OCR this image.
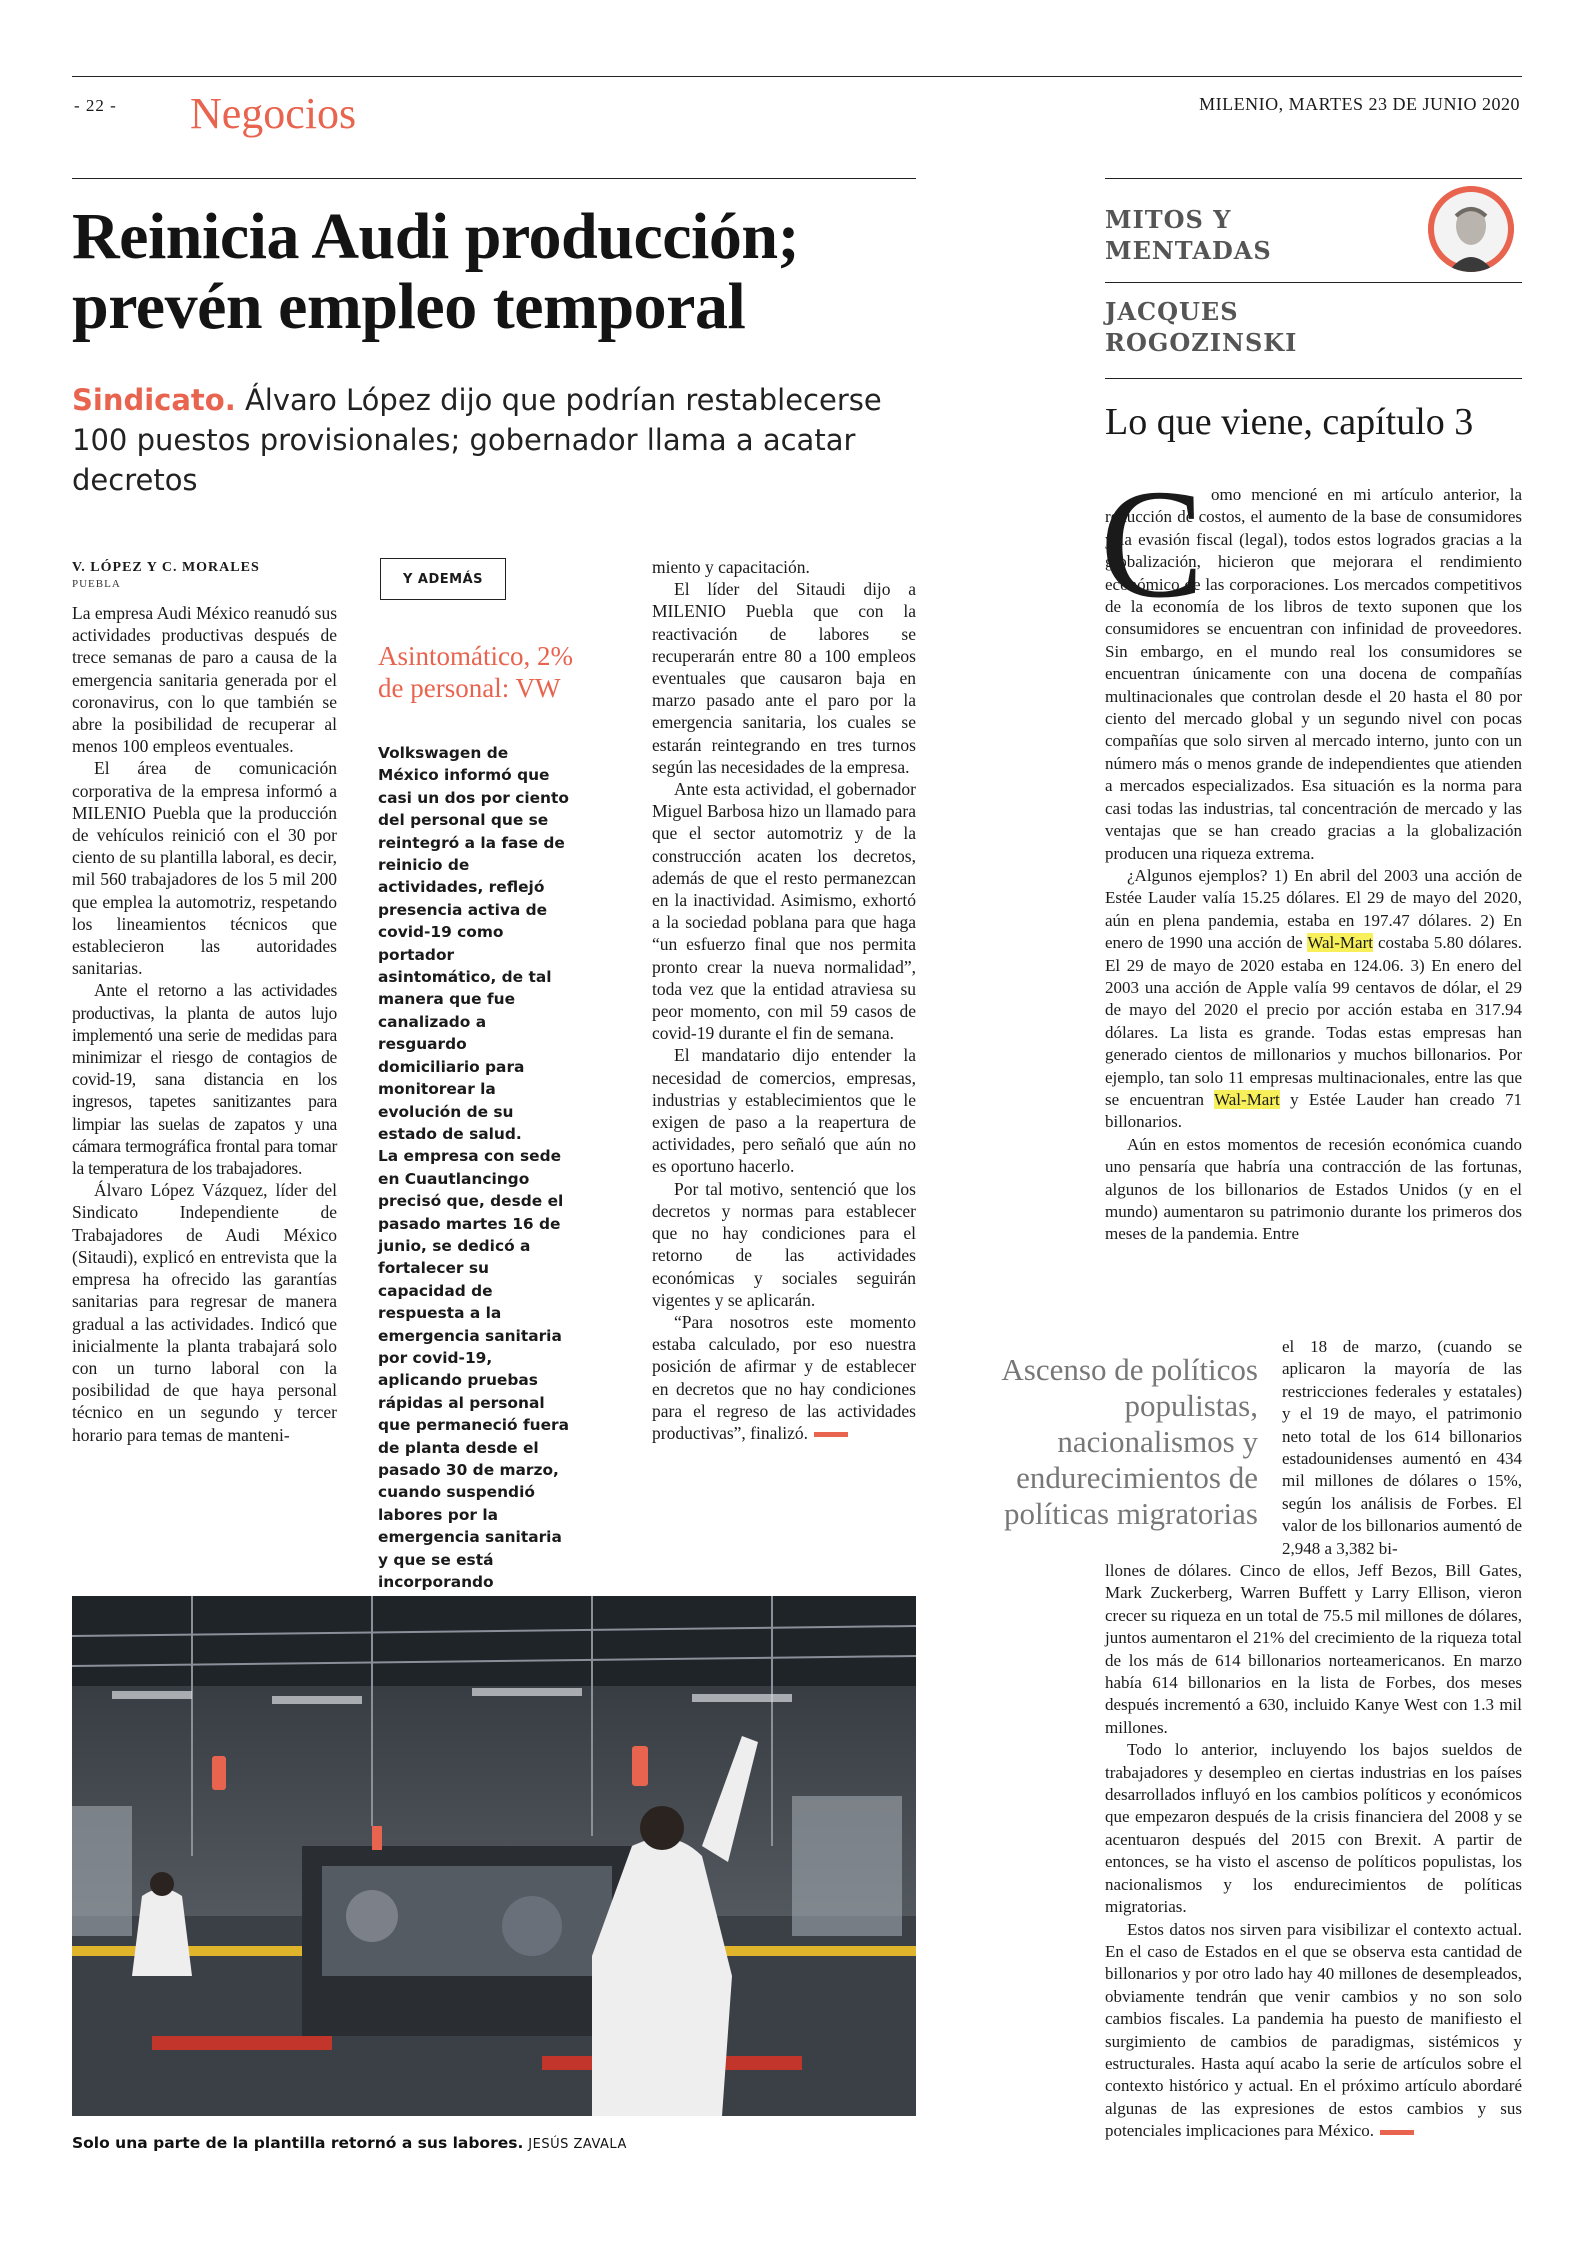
- 22 - Negocios	MILENIO, MARTES 23 DE JUNIO 2020
Reinicia Audi producción; prevén empleo temporal
Sindicato. Álvaro López dijo que podrían restablecerse 100 puestos provisionales; gobernador llama a acatar decretos
V. LÓPEZ Y C. MORALES
PUEBLA

La empresa Audi México reanudó sus actividades productivas después de trece semanas de paro a causa de la emergencia sanitaria generada por el coronavirus, con lo que también se abre la posibilidad de recuperar al menos 100 empleos eventuales.

El área de comunicación corporativa de la empresa informó a MILENIO Puebla que la producción de vehículos reinició con el 30 por ciento de su plantilla laboral, es decir, mil 560 trabajadores de los 5 mil 200 que emplea la automotriz, respetando los lineamientos técnicos que establecieron las autoridades sanitarias.

Ante el retorno a las actividades productivas, la planta de autos lujo implementó una serie de medidas para minimizar el riesgo de contagios de covid-19, sana distancia en los ingresos, tapetes sanitizantes para limpiar las suelas de zapatos y una cámara termográfica frontal para tomar la temperatura de los trabajadores.

Álvaro López Vázquez, líder del Sindicato Independiente de Trabajadores de Audi México (Sitaudi), explicó en entrevista que la empresa ha ofrecido las garantías sanitarias para regresar de manera gradual a las actividades. Indicó que inicialmente la planta trabajará solo con un turno laboral con la posibilidad de que haya personal técnico en un segundo y tercer horario para temas de manteni-

Y ADEMÁS
Asintomático, 2% de personal: VW
Volkswagen de México informó que casi un dos por ciento del personal que se reintegró a la fase de reinicio de actividades, reflejó presencia activa de covid-19 como portador asintomático, de tal manera que fue canalizado a resguardo domiciliario para monitorear la evolución de su estado de salud.
La empresa con sede en Cuautlancingo precisó que, desde el pasado martes 16 de junio, se dedicó a fortalecer su capacidad de respuesta a la emergencia sanitaria por covid-19, aplicando pruebas rápidas al personal que permaneció fuera de planta desde el pasado 30 de marzo, cuando suspendió labores por la emergencia sanitaria y que se está incorporando

miento y capacitación.

El líder del Sitaudi dijo a MILENIO Puebla que con la reactivación de labores se recuperarán entre 80 a 100 empleos eventuales que causaron baja en marzo pasado ante el paro por la emergencia sanitaria, los cuales se estarán reintegrando en tres turnos según las necesidades de la empresa.

Ante esta actividad, el gobernador Miguel Barbosa hizo un llamado para que el sector automotriz y de la construcción acaten los decretos, además de que el resto permanezcan en la inactividad. Asimismo, exhortó a la sociedad poblana para que haga “un esfuerzo final que nos permita pronto crear la nueva normalidad”, toda vez que la entidad atraviesa su peor momento, con mil 59 casos de covid-19 durante el fin de semana.

El mandatario dijo entender la necesidad de comercios, empresas, industrias y establecimientos que le exigen de paso a la reapertura de actividades, pero señaló que aún no es oportuno hacerlo.

Por tal motivo, sentenció que los decretos y normas para establecer que no hay condiciones para el retorno de las actividades económicas y sociales seguirán vigentes y se aplicarán.

“Para nosotros este momento estaba calculado, por eso nuestra posición de afirmar y de establecer en decretos que no hay condiciones para el regreso de las actividades productivas”, finalizó.

Solo una parte de la plantilla retornó a sus labores. JESÚS ZAVALA
MITOS Y MENTADAS
JACQUES ROGOZINSKI
Lo que viene, capítulo 3
C omo mencioné en mi artículo anterior, la reducción de costos, el aumento de la base de consumidores y la evasión fiscal (legal), todos estos logrados gracias a la globalización, hicieron que mejorara el rendimiento económico de las corporaciones. Los mercados competitivos de la economía de los libros de texto suponen que los consumidores se encuentran con infinidad de proveedores. Sin embargo, en el mundo real los consumidores se encuentran únicamente con una docena de compañías multinacionales que controlan desde el 20 hasta el 80 por ciento del mercado global y un segundo nivel con pocas compañías que solo sirven al mercado interno, junto con un número más o menos grande de independientes que atienden a mercados especializados. Esa situación es la norma para casi todas las industrias, tal concentración de mercado y las ventajas que se han creado gracias a la globalización producen una riqueza extrema.

¿Algunos ejemplos? 1) En abril del 2003 una acción de Estée Lauder valía 15.25 dólares. El 29 de mayo del 2020, aún en plena pandemia, estaba en 197.47 dólares. 2) En enero de 1990 una acción de Wal-Mart costaba 5.80 dólares. El 29 de mayo de 2020 estaba en 124.06. 3) En enero del 2003 una acción de Apple valía 99 centavos de dólar, el 29 de mayo del 2020 el precio por acción estaba en 317.94 dólares. La lista es grande. Todas estas empresas han generado cientos de millonarios y muchos billonarios. Por ejemplo, tan solo 11 empresas multinacionales, entre las que se encuentran Wal-Mart y Estée Lauder han creado 71 billonarios.

Aún en estos momentos de recesión económica cuando uno pensaría que habría una contracción de las fortunas, algunos de los billonarios de Estados Unidos (y en el mundo) aumentaron su patrimonio durante los primeros dos meses de la pandemia. Entre

Ascenso de políticos populistas, nacionalismos y endurecimientos de políticas migratorias

el 18 de marzo, (cuando se aplicaron la mayoría de las restricciones federales y estatales) y el 19 de mayo, el patrimonio neto total de los 614 billonarios estadounidenses aumentó en 434 mil millones de dólares o 15%, según los análisis de Forbes. El valor de los billonarios aumentó de 2,948 a 3,382 bi-

llones de dólares. Cinco de ellos, Jeff Bezos, Bill Gates, Mark Zuckerberg, Warren Buffett y Larry Ellison, vieron crecer su riqueza en un total de 75.5 mil millones de dólares, juntos aumentaron el 21% del crecimiento de la riqueza total de los más de 614 billonarios norteamericanos. En marzo había 614 billonarios en la lista de Forbes, dos meses después incrementó a 630, incluido Kanye West con 1.3 mil millones.

Todo lo anterior, incluyendo los bajos sueldos de trabajadores y desempleo en ciertas industrias en los países desarrollados influyó en los cambios políticos y económicos que empezaron después de la crisis financiera del 2008 y se acentuaron después del 2015 con Brexit. A partir de entonces, se ha visto el ascenso de políticos populistas, los nacionalismos y los endurecimientos de políticas migratorias.

Estos datos nos sirven para visibilizar el contexto actual. En el caso de Estados en el que se observa esta cantidad de billonarios y por otro lado hay 40 millones de desempleados, obviamente tendrán que venir cambios y no son solo cambios fiscales. La pandemia ha puesto de manifiesto el surgimiento de cambios de paradigmas, sistémicos y estructurales. Hasta aquí acabo la serie de artículos sobre el contexto histórico y actual. En el próximo artículo abordaré algunas de las expresiones de estos cambios y sus potenciales implicaciones para México.
